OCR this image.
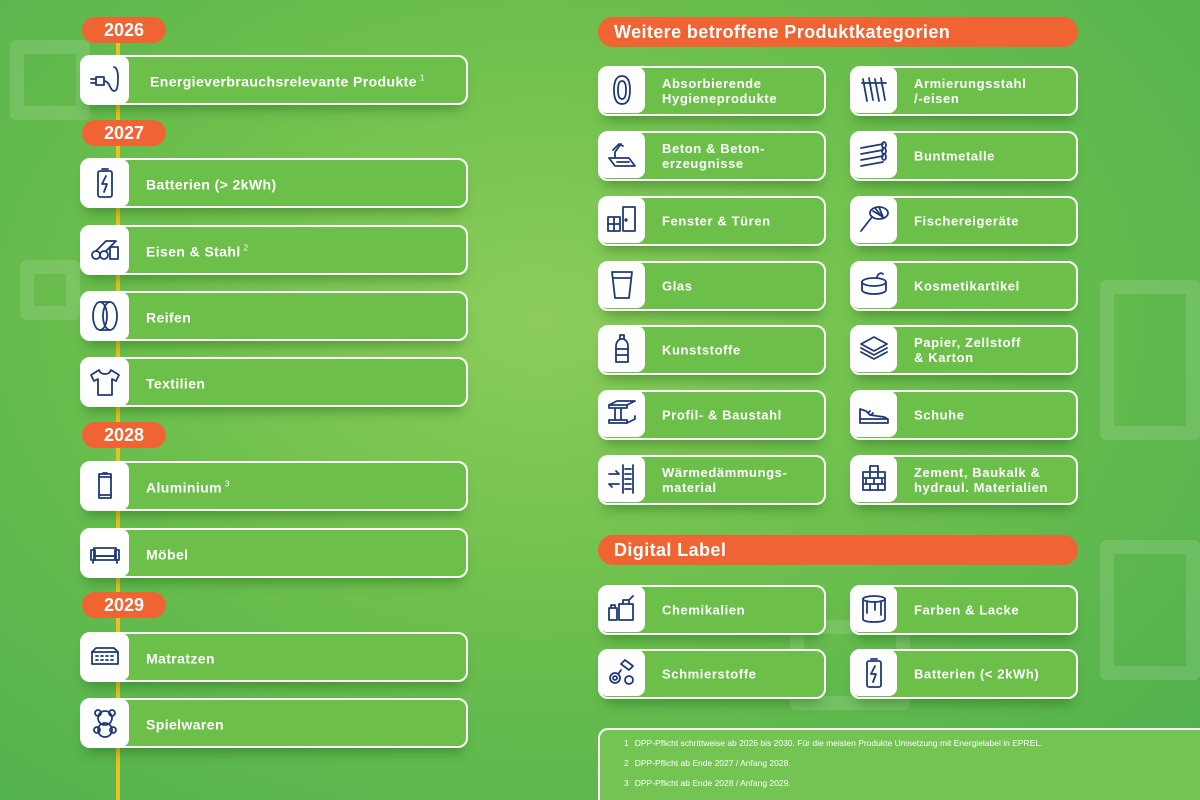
2026
Energieverbrauchsrelevante Produkte $^1$
2027
Batterien (> 2kWh)
Eisen & Stahl $^2$
Reifen
Textilien
2028
Aluminium $^3$
Möbel
2029
Matratzen
Spielwaren
Weitere betroffene Produktkategorien
Absorbierende
Hygieneprodukte
Beton & Beton-
erzeugnisse
Fenster & Türen
Glas
Kunststoffe
Profil- & Baustahl
Wärmedämmungs-
material
Armierungsstahl
/-eisen
Buntmetalle
Fischereigeräte
Kosmetikartikel
Papier, Zellstoff
& Karton
Schuhe
Zement, Baukalk &
hydraul. Materialien
Digital Label
Chemikalien
Schmierstoffe
Farben & Lacke
Batterien (< 2kWh)
1 DPP-Pflicht schrittweise ab 2026 bis 2030. Für die meisten Produkte Umsetzung mit Energielabel in EPREL.
2 DPP-Pflicht ab Ende 2027 / Anfang 2028.
3 DPP-Pflicht ab Ende 2028 / Anfang 2029.
